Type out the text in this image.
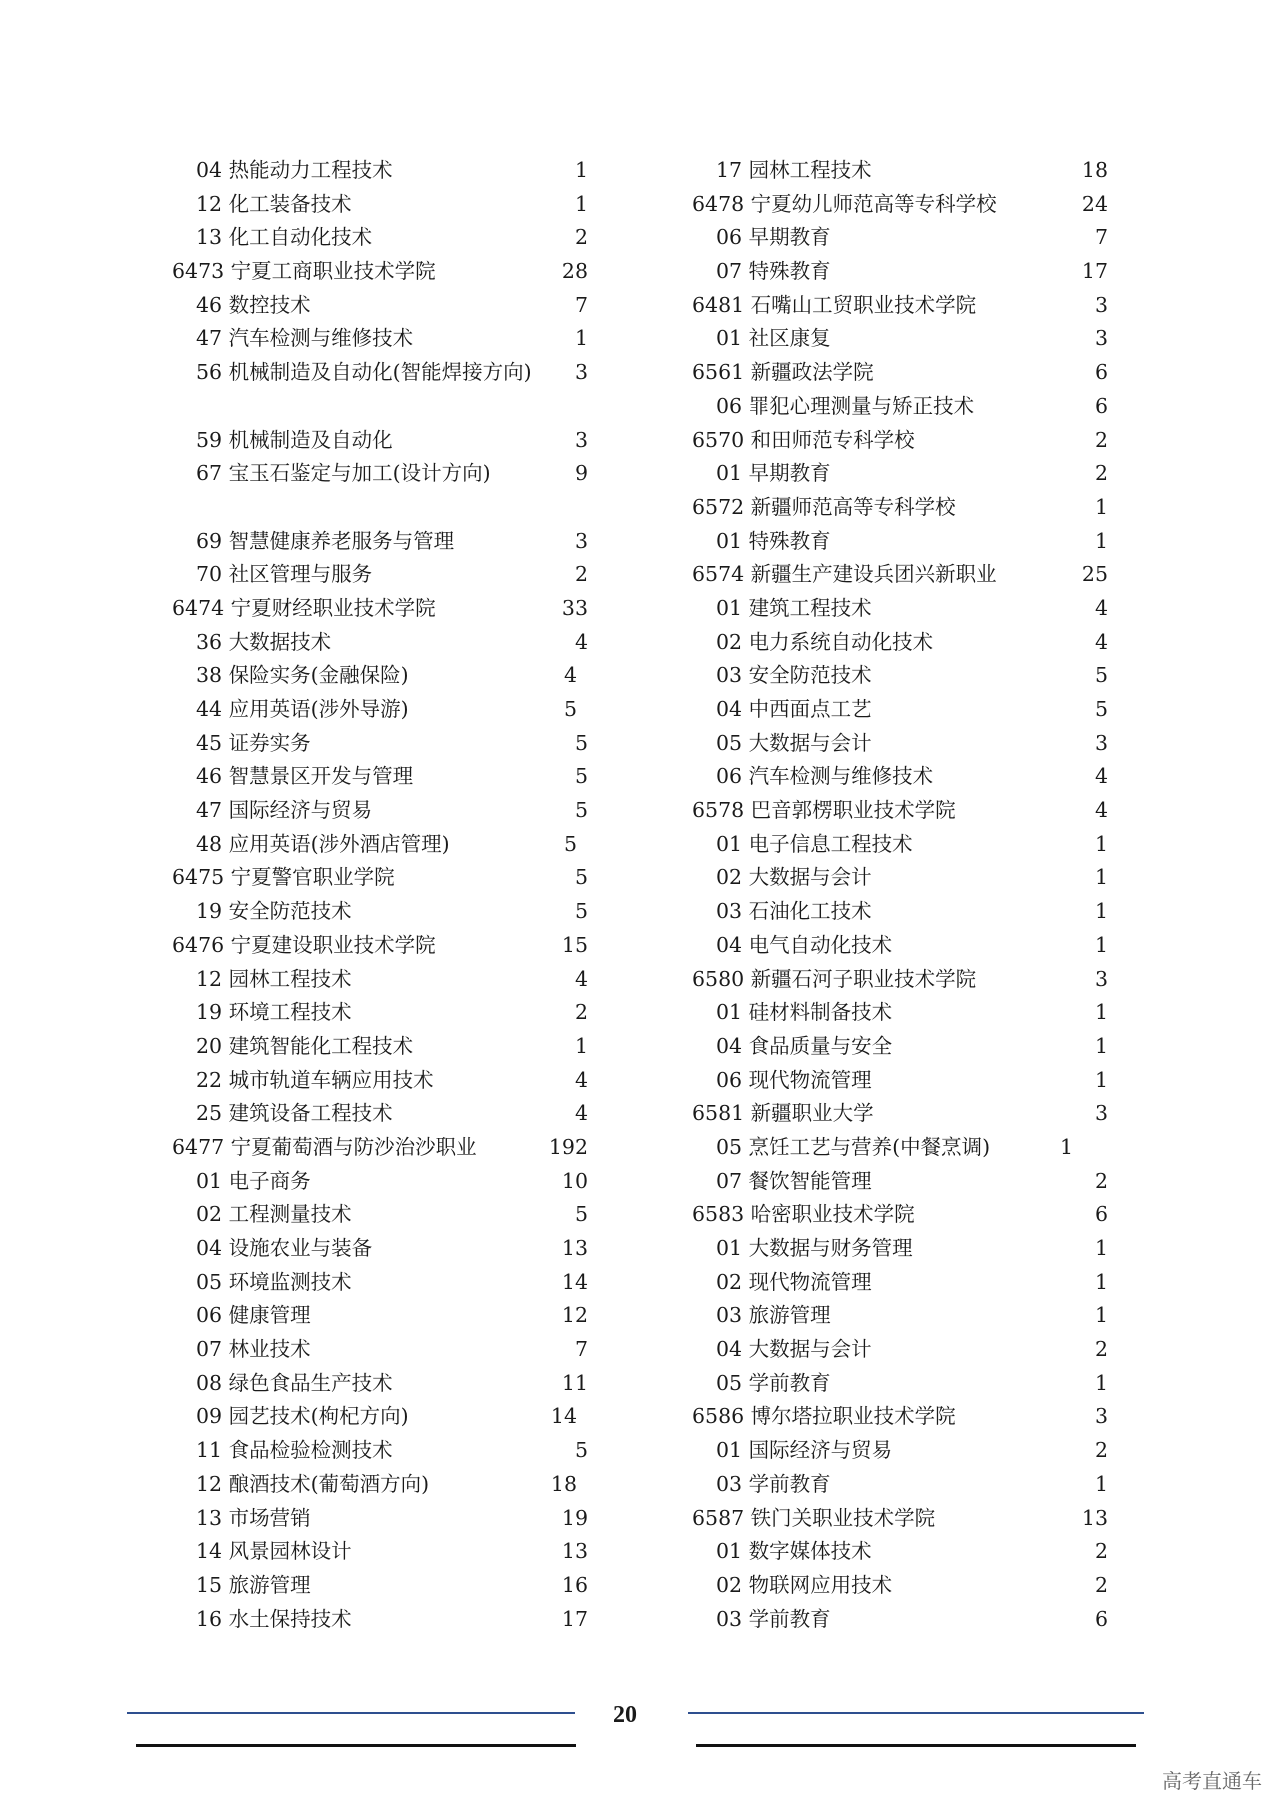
04 热能动力工程技术	1
12 化工装备技术	1
13 化工自动化技术	2
6473 宁夏工商职业技术学院	28
46 数控技术	7
47 汽车检测与维修技术	1
56 机械制造及自动化(智能焊接方向)	3
59 机械制造及自动化	3
67 宝玉石鉴定与加工(设计方向)	9
69 智慧健康养老服务与管理	3
70 社区管理与服务	2
6474 宁夏财经职业技术学院	33
36 大数据技术	4
38 保险实务(金融保险)	4
44 应用英语(涉外导游)	5
45 证券实务	5
46 智慧景区开发与管理	5
47 国际经济与贸易	5
48 应用英语(涉外酒店管理)	5
6475 宁夏警官职业学院	5
19 安全防范技术	5
6476 宁夏建设职业技术学院	15
12 园林工程技术	4
19 环境工程技术	2
20 建筑智能化工程技术	1
22 城市轨道车辆应用技术	4
25 建筑设备工程技术	4
6477 宁夏葡萄酒与防沙治沙职业	192
01 电子商务	10
02 工程测量技术	5
04 设施农业与装备	13
05 环境监测技术	14
06 健康管理	12
07 林业技术	7
08 绿色食品生产技术	11
09 园艺技术(枸杞方向)	14
11 食品检验检测技术	5
12 酿酒技术(葡萄酒方向)	18
13 市场营销	19
14 风景园林设计	13
15 旅游管理	16
16 水土保持技术	17
17 园林工程技术	18
6478 宁夏幼儿师范高等专科学校	24
06 早期教育	7
07 特殊教育	17
6481 石嘴山工贸职业技术学院	3
01 社区康复	3
6561 新疆政法学院	6
06 罪犯心理测量与矫正技术	6
6570 和田师范专科学校	2
01 早期教育	2
6572 新疆师范高等专科学校	1
01 特殊教育	1
6574 新疆生产建设兵团兴新职业	25
01 建筑工程技术	4
02 电力系统自动化技术	4
03 安全防范技术	5
04 中西面点工艺	5
05 大数据与会计	3
06 汽车检测与维修技术	4
6578 巴音郭楞职业技术学院	4
01 电子信息工程技术	1
02 大数据与会计	1
03 石油化工技术	1
04 电气自动化技术	1
6580 新疆石河子职业技术学院	3
01 硅材料制备技术	1
04 食品质量与安全	1
06 现代物流管理	1
6581 新疆职业大学	3
05 烹饪工艺与营养(中餐烹调)	1
07 餐饮智能管理	2
6583 哈密职业技术学院	6
01 大数据与财务管理	1
02 现代物流管理	1
03 旅游管理	1
04 大数据与会计	2
05 学前教育	1
6586 博尔塔拉职业技术学院	3
01 国际经济与贸易	2
03 学前教育	1
6587 铁门关职业技术学院	13
01 数字媒体技术	2
02 物联网应用技术	2
03 学前教育	6
20
高考直通车
